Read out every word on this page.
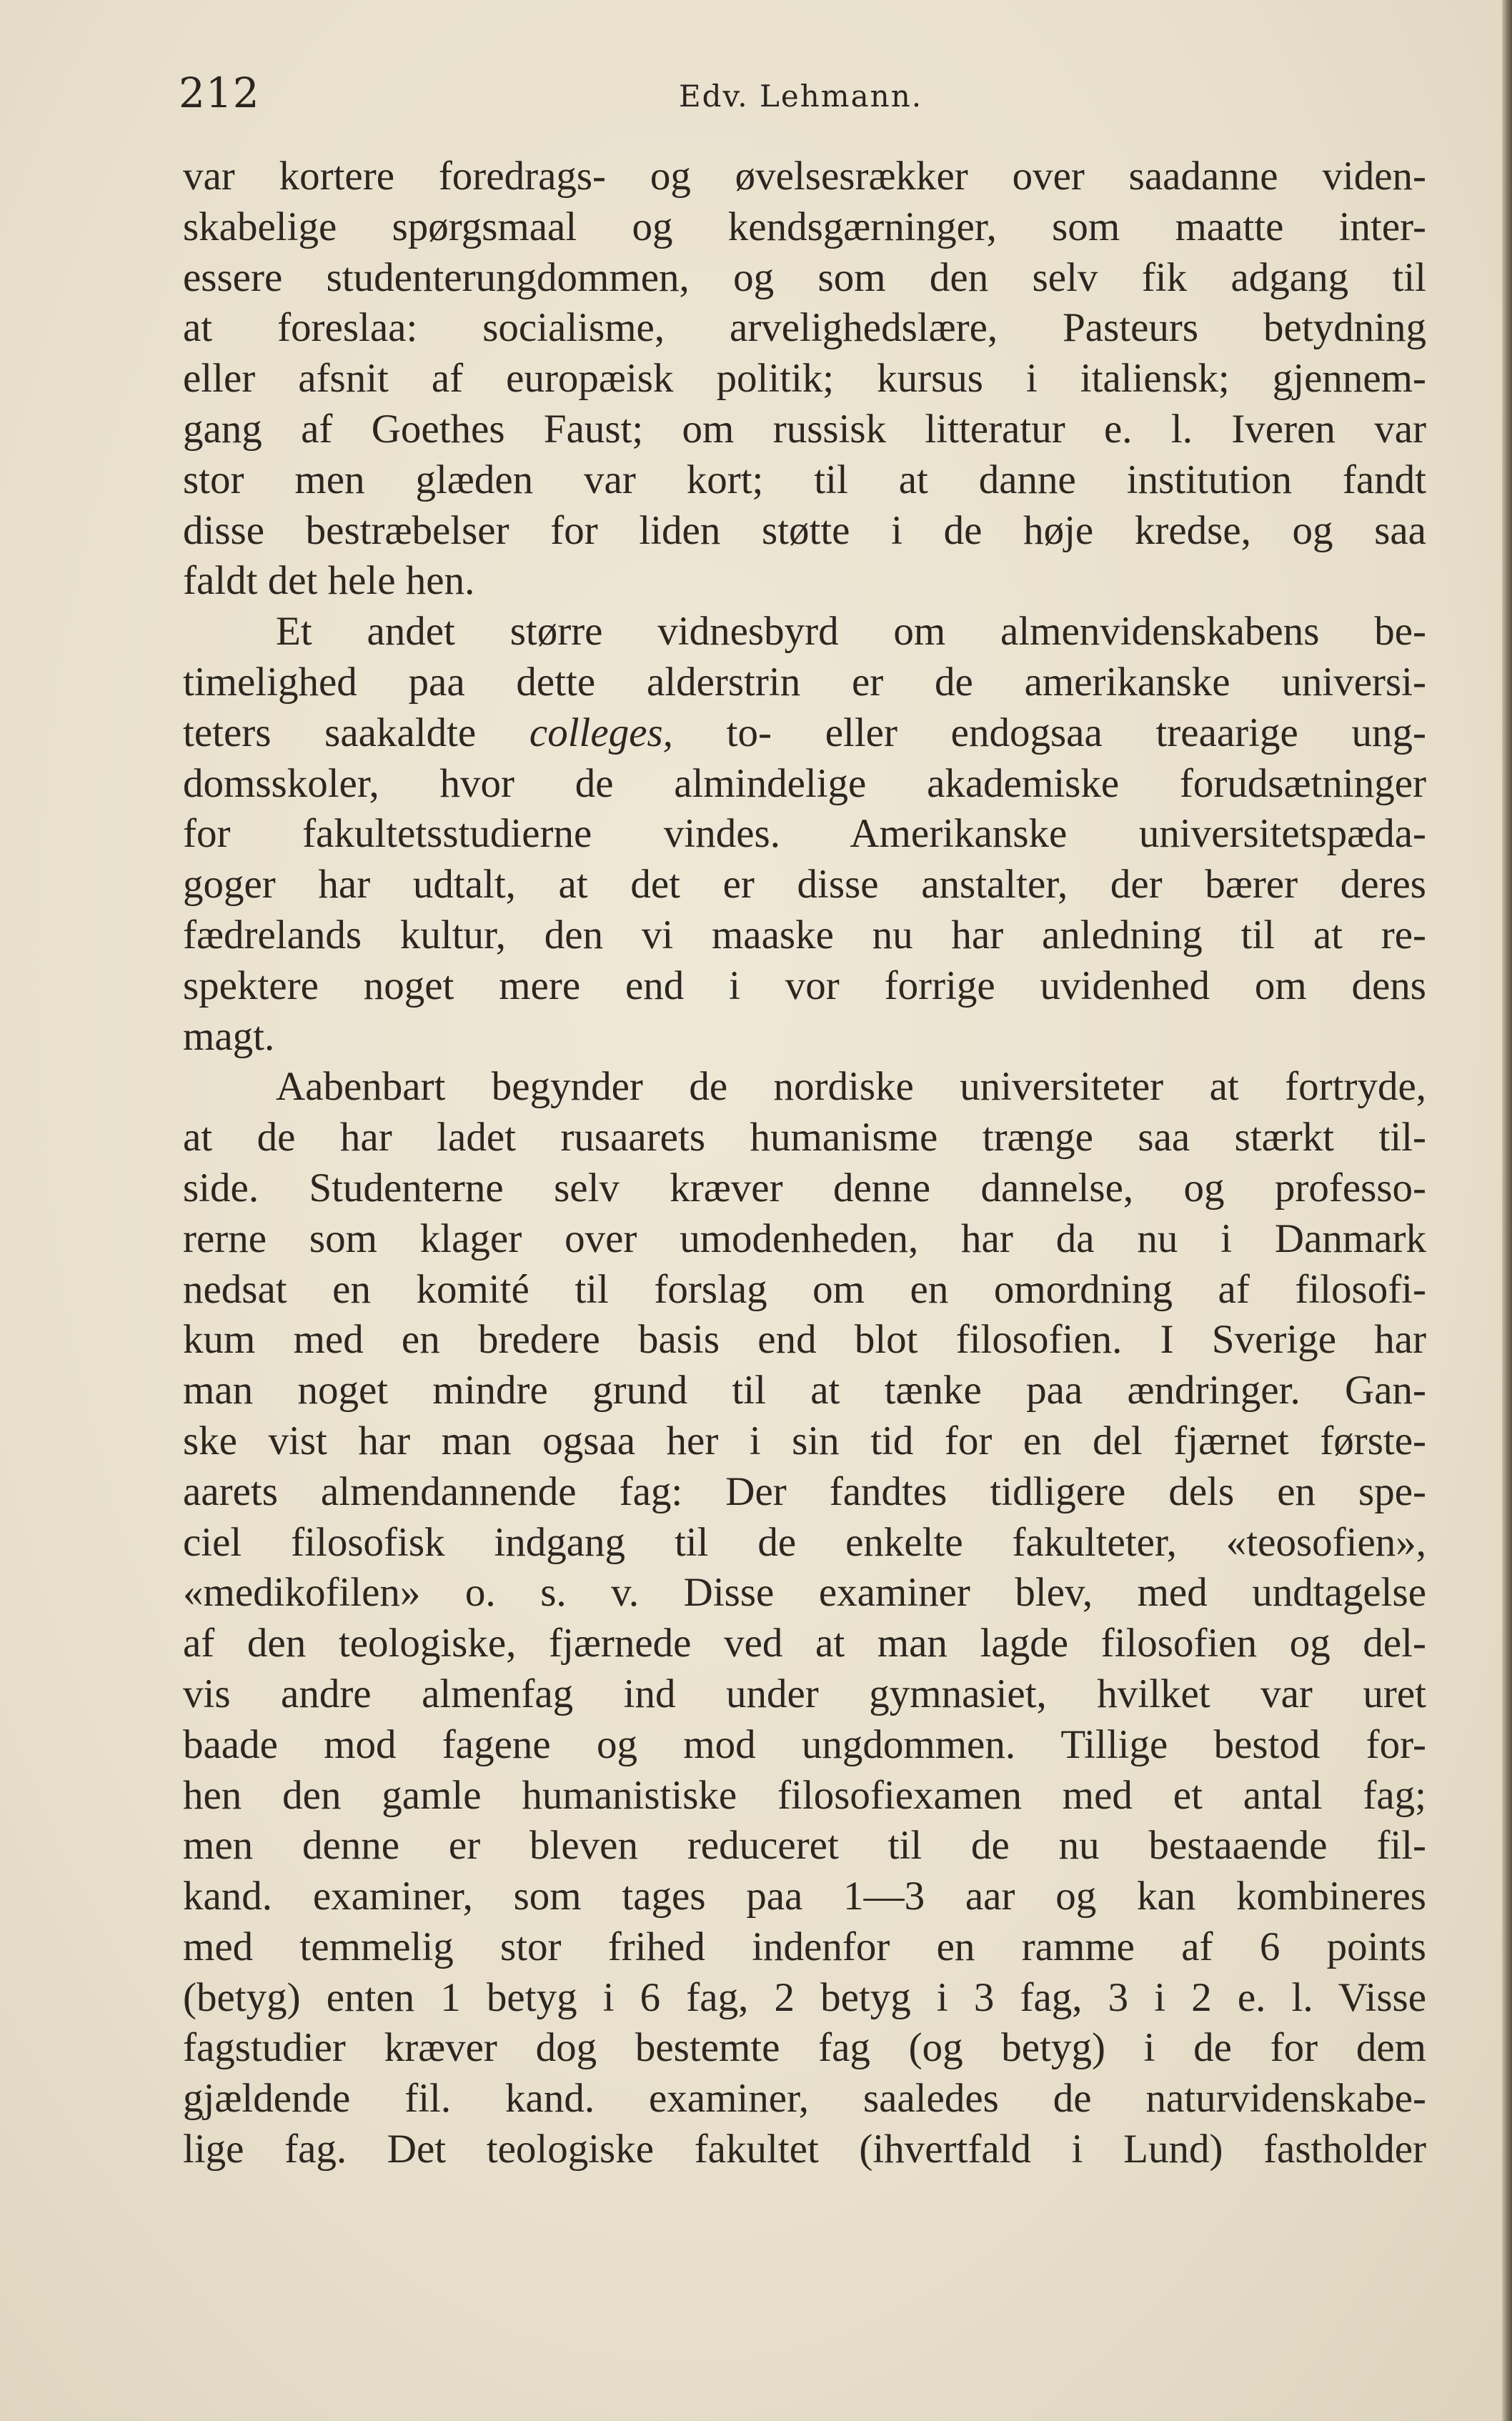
212	Edv. Lehmann.
var kortere foredrags- og øvelsesrækker over saadanne viden-
skabelige spørgsmaal og kendsgærninger, som maatte inter-
essere studenterungdommen, og som den selv fik adgang til
at foreslaa: socialisme, arvelighedslære, Pasteurs betydning
eller afsnit af europæisk politik; kursus i italiensk; gjennem-
gang af Goethes Faust; om russisk litteratur e. l. Iveren var
stor men glæden var kort; til at danne institution fandt
disse bestræbelser for liden støtte i de høje kredse, og saa
faldt det hele hen.
Et andet større vidnesbyrd om almenvidenskabens be-
timelighed paa dette alderstrin er de amerikanske universi-
teters saakaldte colleges, to- eller endogsaa treaarige ung-
domsskoler, hvor de almindelige akademiske forudsætninger
for fakultetsstudierne vindes. Amerikanske universitetspæda-
goger har udtalt, at det er disse anstalter, der bærer deres
fædrelands kultur, den vi maaske nu har anledning til at re-
spektere noget mere end i vor forrige uvidenhed om dens
magt.
Aabenbart begynder de nordiske universiteter at fortryde,
at de har ladet rusaarets humanisme trænge saa stærkt til-
side. Studenterne selv kræver denne dannelse, og professo-
rerne som klager over umodenheden, har da nu i Danmark
nedsat en komité til forslag om en omordning af filosofi-
kum med en bredere basis end blot filosofien. I Sverige har
man noget mindre grund til at tænke paa ændringer. Gan-
ske vist har man ogsaa her i sin tid for en del fjærnet første-
aarets almendannende fag: Der fandtes tidligere dels en spe-
ciel filosofisk indgang til de enkelte fakulteter, «teosofien»,
«medikofilen» o. s. v. Disse examiner blev, med undtagelse
af den teologiske, fjærnede ved at man lagde filosofien og del-
vis andre almenfag ind under gymnasiet, hvilket var uret
baade mod fagene og mod ungdommen. Tillige bestod for-
hen den gamle humanistiske filosofiexamen med et antal fag;
men denne er bleven reduceret til de nu bestaaende fil-
kand. examiner, som tages paa 1—3 aar og kan kombineres
med temmelig stor frihed indenfor en ramme af 6 points
(betyg) enten 1 betyg i 6 fag, 2 betyg i 3 fag, 3 i 2 e. l. Visse
fagstudier kræver dog bestemte fag (og betyg) i de for dem
gjældende fil. kand. examiner, saaledes de naturvidenskabe-
lige fag. Det teologiske fakultet (ihvertfald i Lund) fastholder
